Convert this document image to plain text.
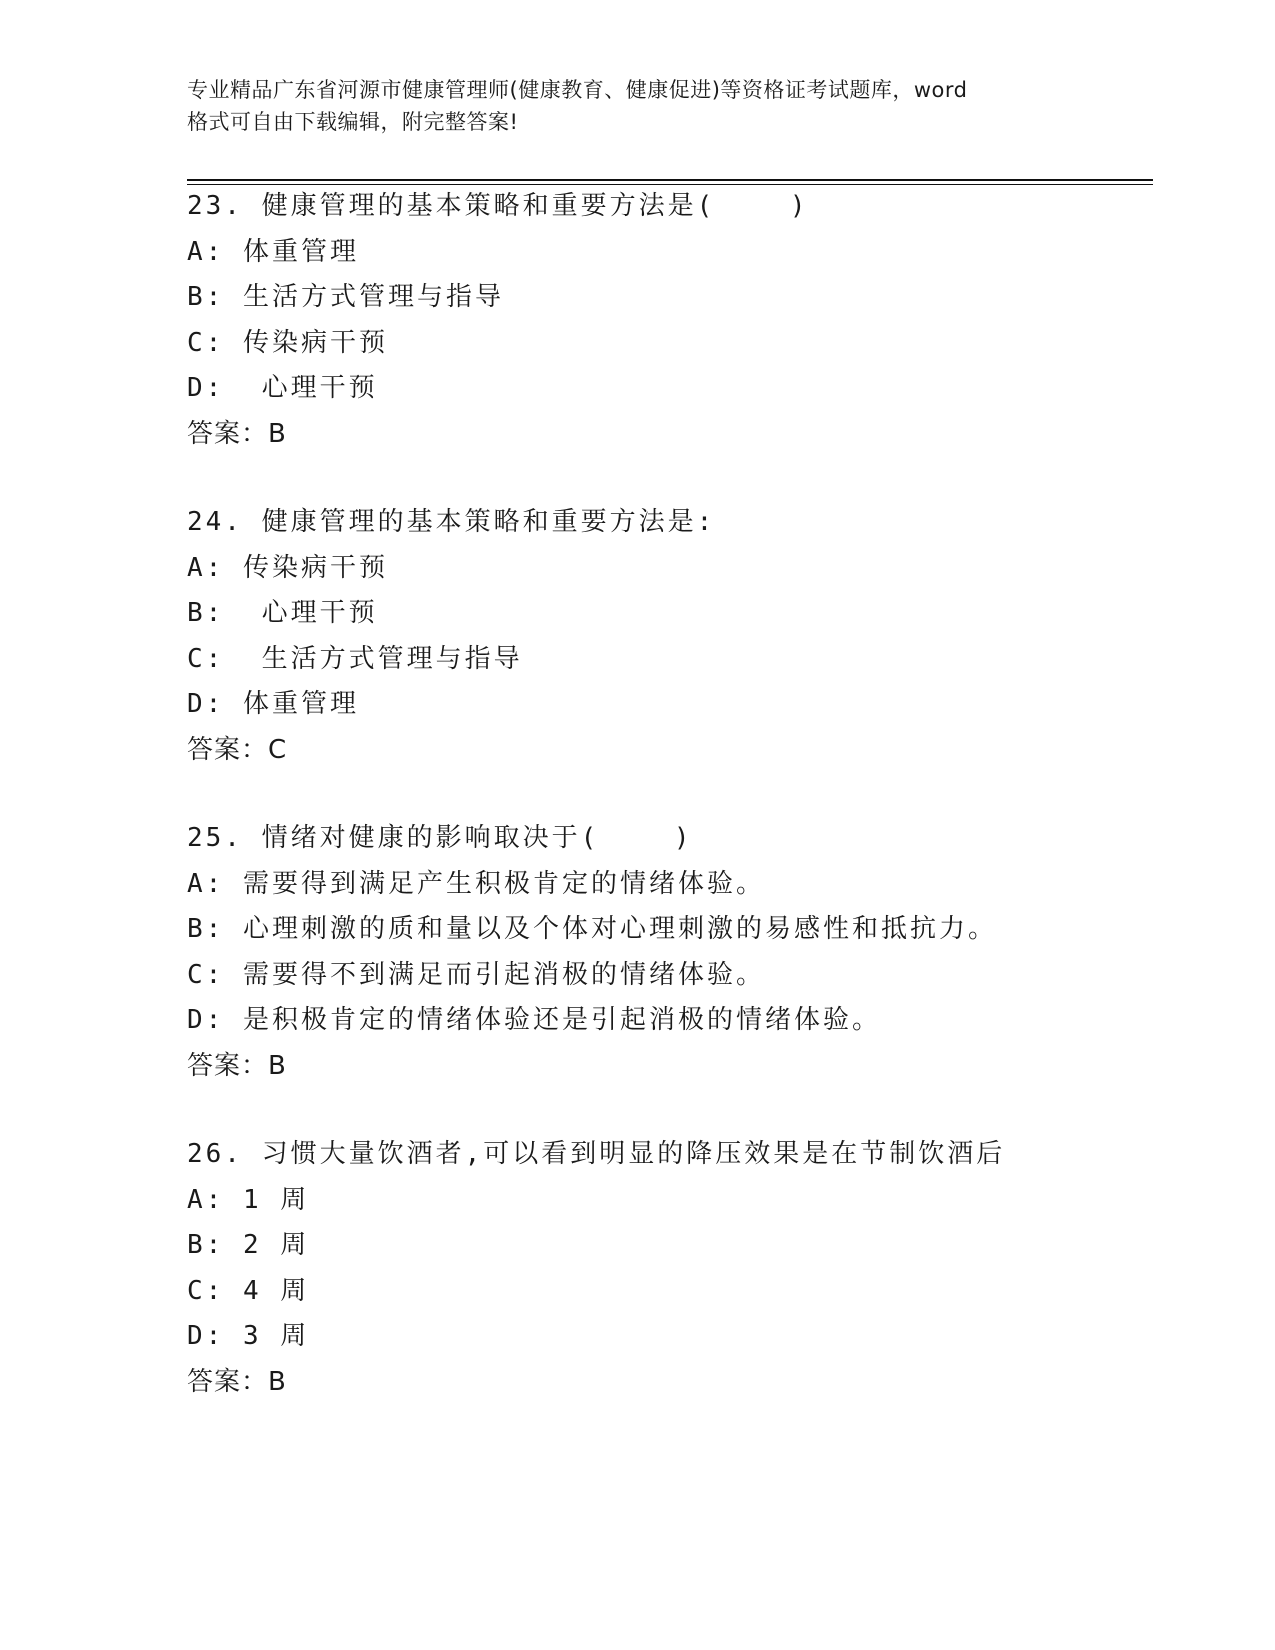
专业精品广东省河源市健康管理师(健康教育、健康促进)等资格证考试题库，word
格式可自由下载编辑，附完整答案!
23. 健康管理的基本策略和重要方法是(    )
A: 体重管理
B: 生活方式管理与指导
C: 传染病干预
D:  心理干预
答案：B
24. 健康管理的基本策略和重要方法是:
A: 传染病干预
B:  心理干预
C:  生活方式管理与指导
D: 体重管理
答案：C
25. 情绪对健康的影响取决于(    )
A: 需要得到满足产生积极肯定的情绪体验。
B: 心理刺激的质和量以及个体对心理刺激的易感性和抵抗力。
C: 需要得不到满足而引起消极的情绪体验。
D: 是积极肯定的情绪体验还是引起消极的情绪体验。
答案：B
26. 习惯大量饮酒者,可以看到明显的降压效果是在节制饮酒后
A: 1 周
B: 2 周
C: 4 周
D: 3 周
答案：B
